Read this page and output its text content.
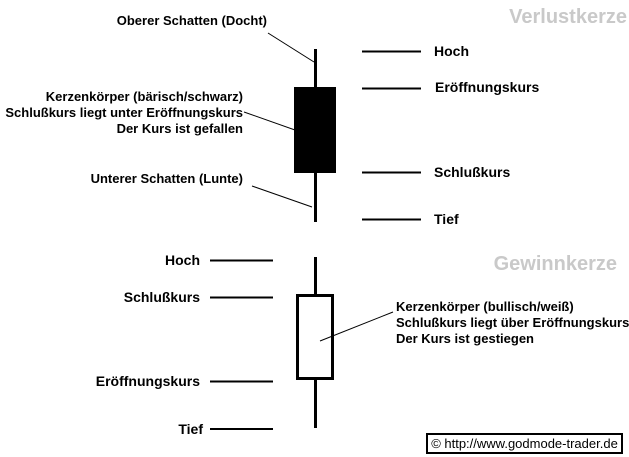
Verlustkerze
Gewinnkerze
Oberer Schatten (Docht)
Kerzenkörper (bärisch/schwarz)
Schlußkurs liegt unter Eröffnungskurs
Der Kurs ist gefallen
Unterer Schatten (Lunte)
Hoch
Eröffnungskurs
Schlußkurs
Tief
Hoch
Schlußkurs
Eröffnungskurs
Tief
Kerzenkörper (bullisch/weiß)
Schlußkurs liegt über Eröffnungskurs
Der Kurs ist gestiegen
© http://www.godmode-trader.de
